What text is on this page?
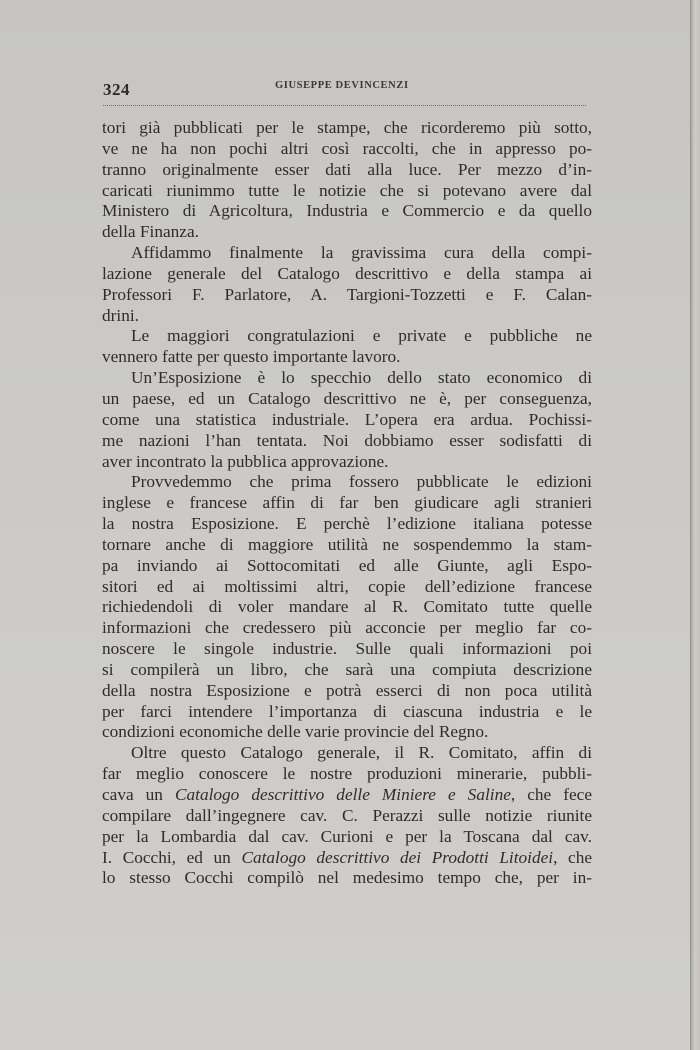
324	GIUSEPPE DEVINCENZI
tori già pubblicati per le stampe, che ricorderemo più sotto,
ve ne ha non pochi altri così raccolti, che in appresso po-
tranno originalmente esser dati alla luce. Per mezzo d’in-
caricati riunimmo tutte le notizie che si potevano avere dal
Ministero di Agricoltura, Industria e Commercio e da quello
della Finanza.
Affidammo finalmente la gravissima cura della compi-
lazione generale del Catalogo descrittivo e della stampa ai
Professori F. Parlatore, A. Targioni-Tozzetti e F. Calan-
drini.
Le maggiori congratulazioni e private e pubbliche ne
vennero fatte per questo importante lavoro.
Un’Esposizione è lo specchio dello stato economico di
un paese, ed un Catalogo descrittivo ne è, per conseguenza,
come una statistica industriale. L’opera era ardua. Pochissi-
me nazioni l’han tentata. Noi dobbiamo esser sodisfatti di
aver incontrato la pubblica approvazione.
Provvedemmo che prima fossero pubblicate le edizioni
inglese e francese affin di far ben giudicare agli stranieri
la nostra Esposizione. E perchè l’edizione italiana potesse
tornare anche di maggiore utilità ne sospendemmo la stam-
pa inviando ai Sottocomitati ed alle Giunte, agli Espo-
sitori ed ai moltissimi altri, copie dell’edizione francese
richiedendoli di voler mandare al R. Comitato tutte quelle
informazioni che credessero più acconcie per meglio far co-
noscere le singole industrie. Sulle quali informazioni poi
si compilerà un libro, che sarà una compiuta descrizione
della nostra Esposizione e potrà esserci di non poca utilità
per farci intendere l’importanza di ciascuna industria e le
condizioni economiche delle varie provincie del Regno.
Oltre questo Catalogo generale, il R. Comitato, affin di
far meglio conoscere le nostre produzioni minerarie, pubbli-
cava un Catalogo descrittivo delle Miniere e Saline, che fece
compilare dall’ingegnere cav. C. Perazzi sulle notizie riunite
per la Lombardia dal cav. Curioni e per la Toscana dal cav.
I. Cocchi, ed un Catalogo descrittivo dei Prodotti Litoidei, che
lo stesso Cocchi compilò nel medesimo tempo che, per in-
